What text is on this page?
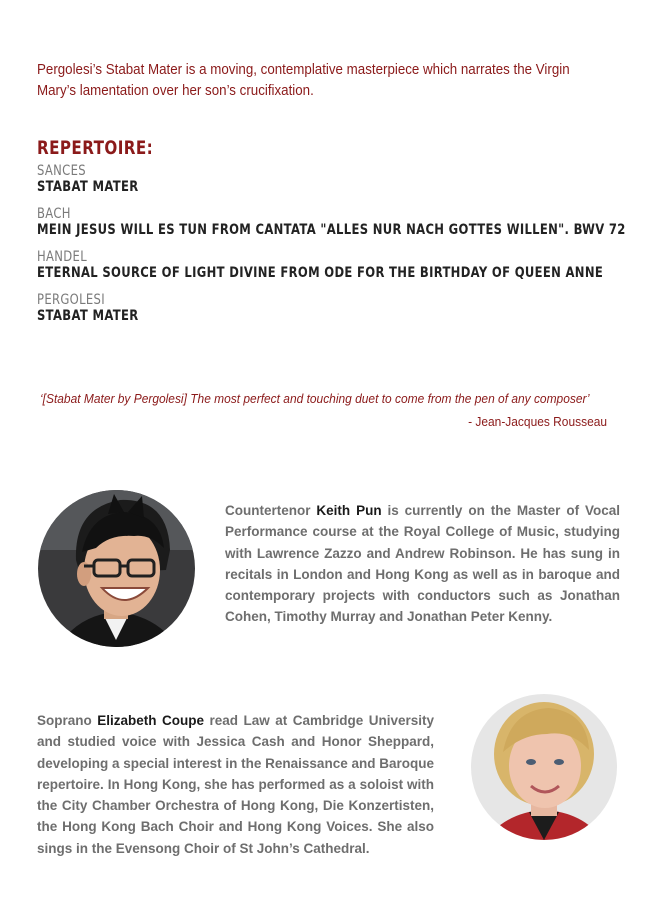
Pergolesi’s Stabat Mater is a moving, contemplative masterpiece which narrates the Virgin Mary’s lamentation over her son’s crucifixation.

REPERTOIRE:
SANCES
STABAT MATER
BACH
MEIN JESUS WILL ES TUN FROM CANTATA "ALLES NUR NACH GOTTES WILLEN". BWV 72
HANDEL
ETERNAL SOURCE OF LIGHT DIVINE FROM ODE FOR THE BIRTHDAY OF QUEEN ANNE
PERGOLESI
STABAT MATER
‘[Stabat Mater by Pergolesi] The most perfect and touching duet to come from the pen of any composer’
- Jean-Jacques Rousseau

Countertenor Keith Pun is currently on the Master of Vocal Performance course at the Royal College of Music, studying with Lawrence Zazzo and Andrew Robinson. He has sung in recitals in London and Hong Kong as well as in baroque and contemporary projects with conductors such as Jonathan Cohen, Timothy Murray and Jonathan Peter Kenny.

Soprano Elizabeth Coupe read Law at Cambridge University and studied voice with Jessica Cash and Honor Sheppard, developing a special interest in the Renaissance and Baroque repertoire. In Hong Kong, she has performed as a soloist with the City Chamber Orchestra of Hong Kong, Die Konzertisten, the Hong Kong Bach Choir and Hong Kong Voices. She also sings in the Evensong Choir of St John’s Cathedral.
